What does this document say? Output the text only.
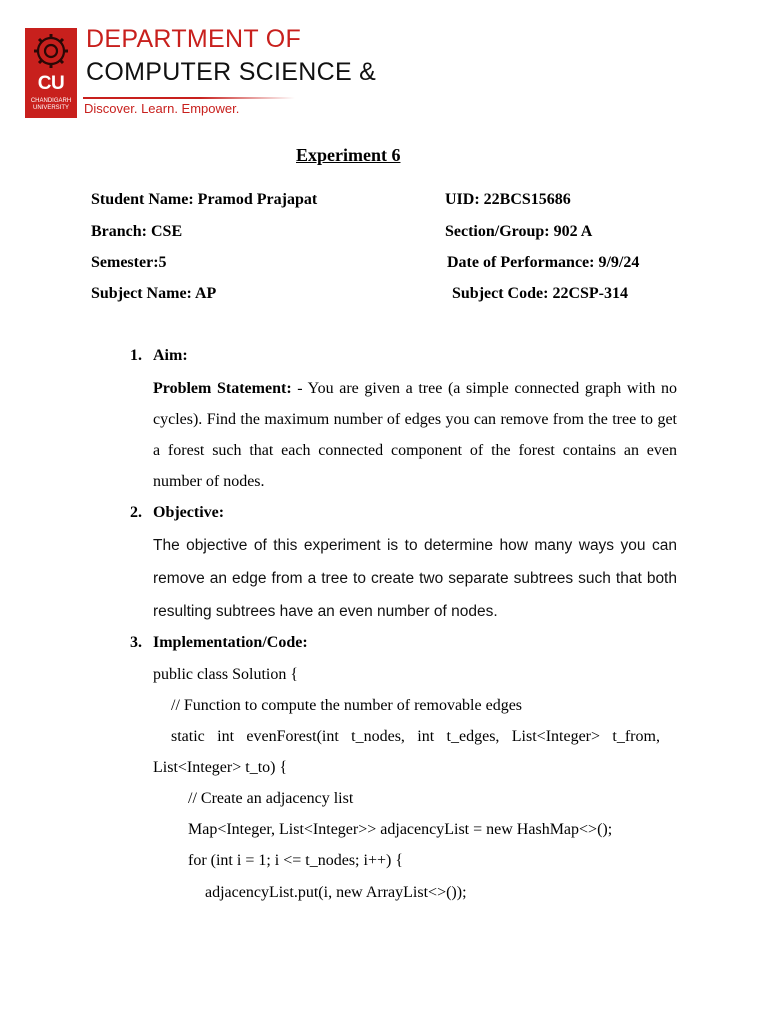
CU
CHANDIGARH
UNIVERSITY
DEPARTMENT OF
COMPUTER SCIENCE &
Discover. Learn. Empower.
Experiment 6
Student Name: Pramod Prajapat	UID: 22BCS15686
Branch: CSE	Section/Group: 902 A
Semester:5	Date of Performance: 9/9/24
Subject Name: AP	Subject Code: 22CSP-314
1. Aim:
Problem Statement: - You are given a tree (a simple connected graph with no cycles). Find the maximum number of edges you can remove from the tree to get a forest such that each connected component of the forest contains an even number of nodes.
2. Objective:
The objective of this experiment is to determine how many ways you can remove an edge from a tree to create two separate subtrees such that both resulting subtrees have an even number of nodes.
3. Implementation/Code:
public class Solution {
// Function to compute the number of removable edges
static int evenForest(int t_nodes, int t_edges, List<Integer> t_from,
List<Integer> t_to) {
// Create an adjacency list
Map<Integer, List<Integer>> adjacencyList = new HashMap<>();
for (int i = 1; i <= t_nodes; i++) {
adjacencyList.put(i, new ArrayList<>());
